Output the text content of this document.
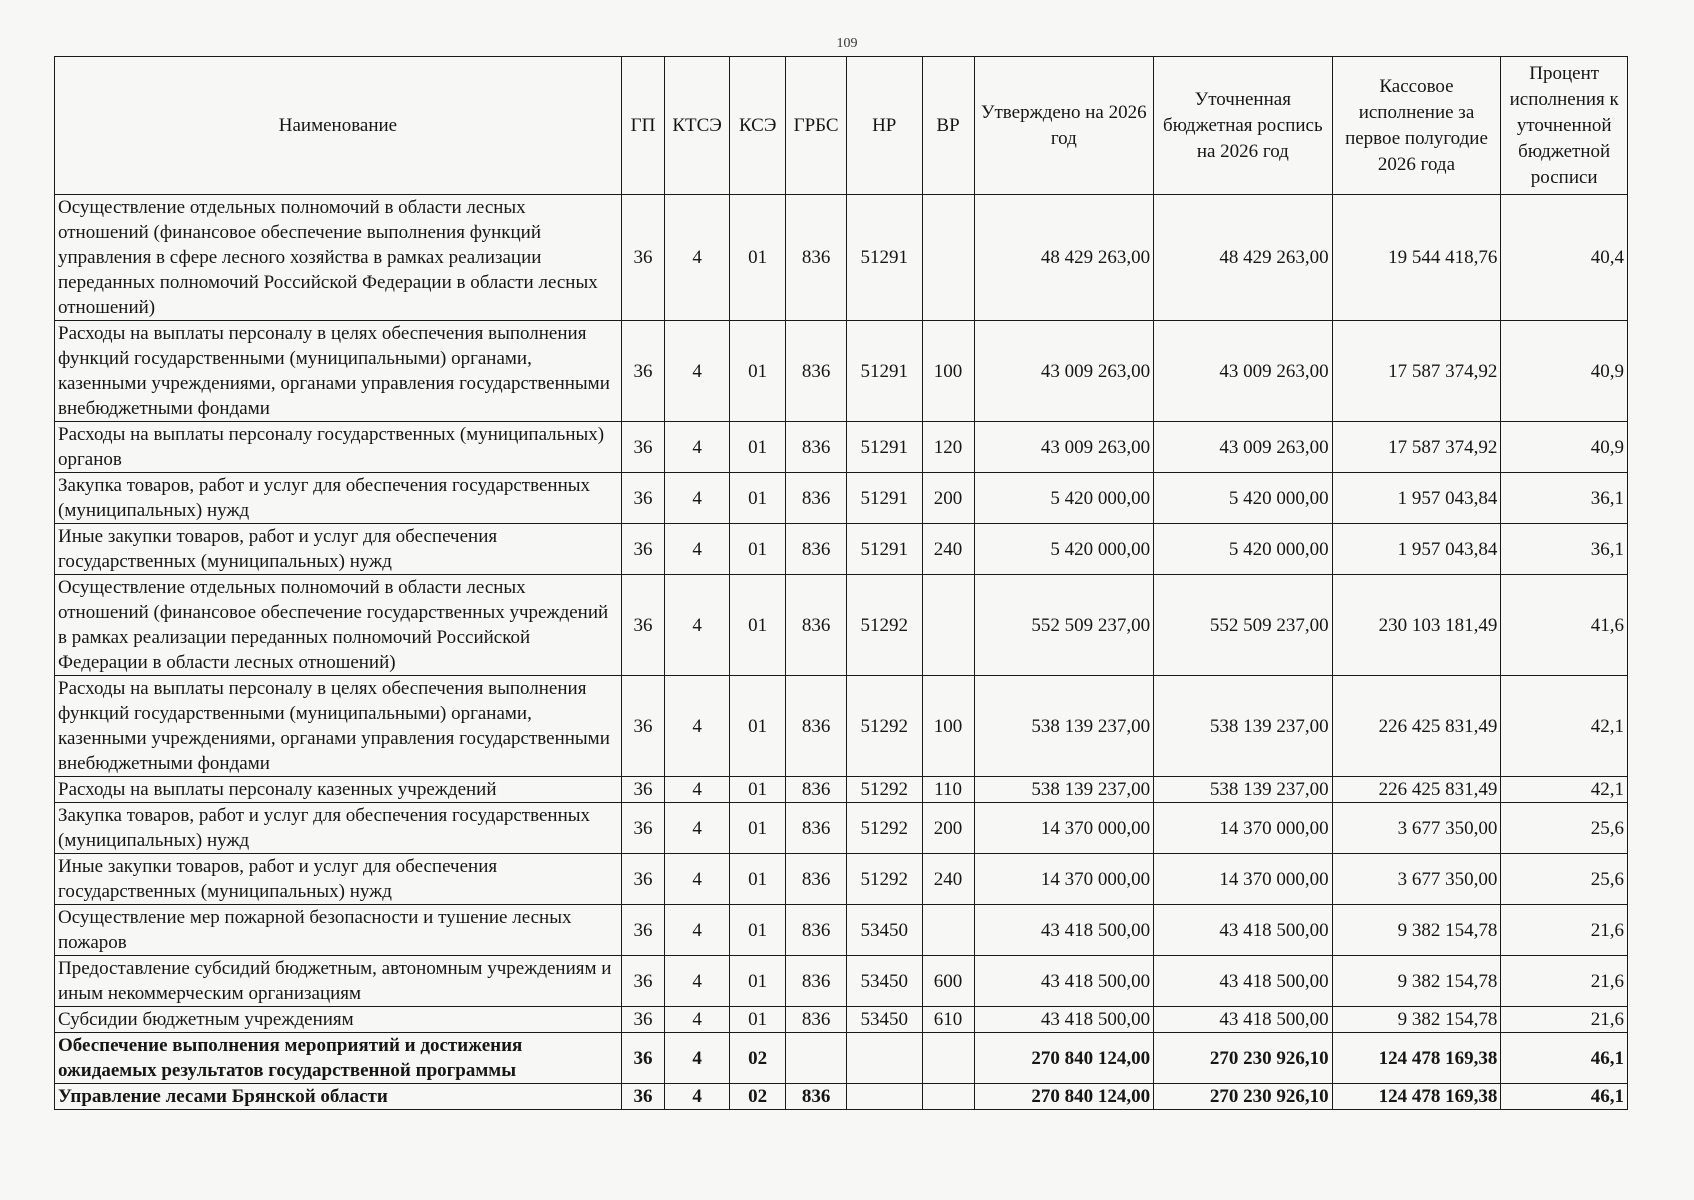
109
Наименование	ГП	КТСЭ	КСЭ	ГРБС	НР	ВР	Утверждено на 2026 год	Уточненная бюджетная роспись на 2026 год	Кассовое исполнение за первое полугодие 2026 года	Процент исполнения к уточненной бюджетной росписи
Осуществление отдельных полномочий в области лесных отношений (финансовое обеспечение выполнения функций управления в сфере лесного хозяйства в рамках реализации переданных полномочий Российской Федерации в области лесных отношений)	36	4	01	836	51291		48 429 263,00	48 429 263,00	19 544 418,76	40,4
Расходы на выплаты персоналу в целях обеспечения выполнения функций государственными (муниципальными) органами, казенными учреждениями, органами управления государственными внебюджетными фондами	36	4	01	836	51291	100	43 009 263,00	43 009 263,00	17 587 374,92	40,9
Расходы на выплаты персоналу государственных (муниципальных) органов	36	4	01	836	51291	120	43 009 263,00	43 009 263,00	17 587 374,92	40,9
Закупка товаров, работ и услуг для обеспечения государственных (муниципальных) нужд	36	4	01	836	51291	200	5 420 000,00	5 420 000,00	1 957 043,84	36,1
Иные закупки товаров, работ и услуг для обеспечения государственных (муниципальных) нужд	36	4	01	836	51291	240	5 420 000,00	5 420 000,00	1 957 043,84	36,1
Осуществление отдельных полномочий в области лесных отношений (финансовое обеспечение государственных учреждений в рамках реализации переданных полномочий Российской Федерации в области лесных отношений)	36	4	01	836	51292		552 509 237,00	552 509 237,00	230 103 181,49	41,6
Расходы на выплаты персоналу в целях обеспечения выполнения функций государственными (муниципальными) органами, казенными учреждениями, органами управления государственными внебюджетными фондами	36	4	01	836	51292	100	538 139 237,00	538 139 237,00	226 425 831,49	42,1
Расходы на выплаты персоналу казенных учреждений	36	4	01	836	51292	110	538 139 237,00	538 139 237,00	226 425 831,49	42,1
Закупка товаров, работ и услуг для обеспечения государственных (муниципальных) нужд	36	4	01	836	51292	200	14 370 000,00	14 370 000,00	3 677 350,00	25,6
Иные закупки товаров, работ и услуг для обеспечения государственных (муниципальных) нужд	36	4	01	836	51292	240	14 370 000,00	14 370 000,00	3 677 350,00	25,6
Осуществление мер пожарной безопасности и тушение лесных пожаров	36	4	01	836	53450		43 418 500,00	43 418 500,00	9 382 154,78	21,6
Предоставление субсидий бюджетным, автономным учреждениям и иным некоммерческим организациям	36	4	01	836	53450	600	43 418 500,00	43 418 500,00	9 382 154,78	21,6
Субсидии бюджетным учреждениям	36	4	01	836	53450	610	43 418 500,00	43 418 500,00	9 382 154,78	21,6
Обеспечение выполнения мероприятий и достижения ожидаемых результатов государственной программы	36	4	02				270 840 124,00	270 230 926,10	124 478 169,38	46,1
Управление лесами Брянской области	36	4	02	836			270 840 124,00	270 230 926,10	124 478 169,38	46,1
